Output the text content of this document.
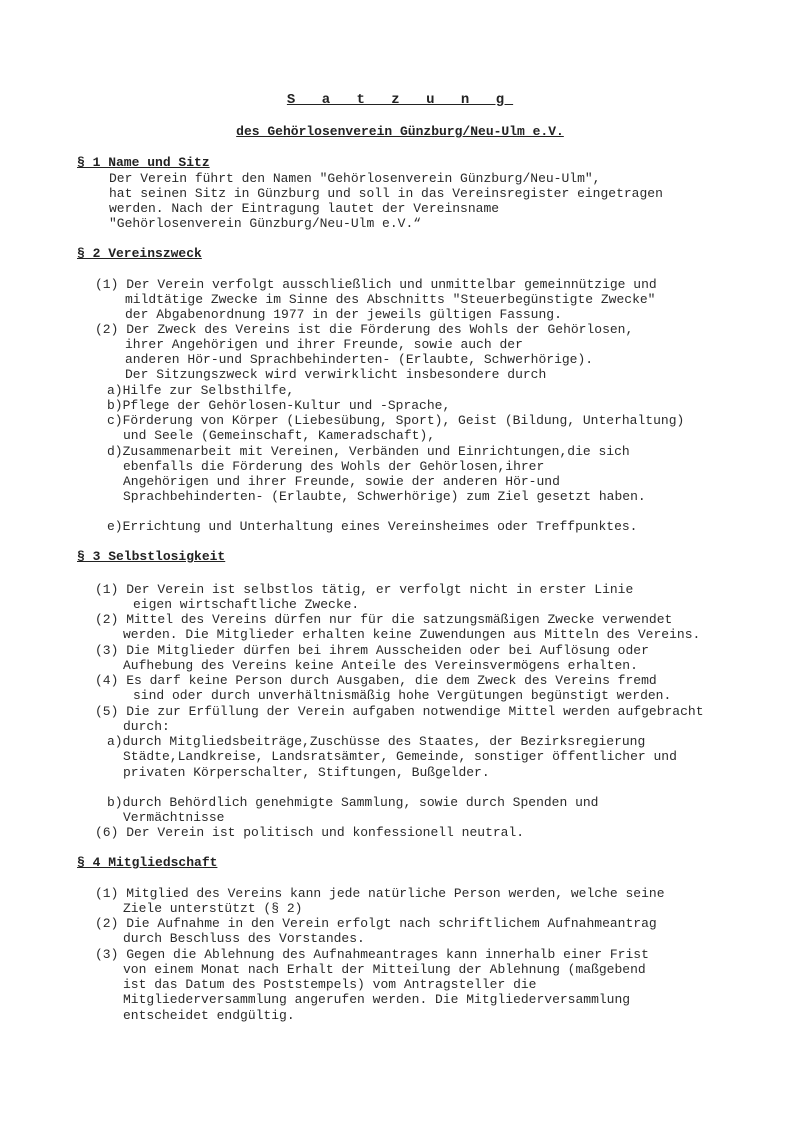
S a t z u n g
des Gehörlosenverein Günzburg/Neu-Ulm e.V.
§ 1 Name und Sitz
Der Verein führt den Namen "Gehörlosenverein Günzburg/Neu-Ulm",
hat seinen Sitz in Günzburg und soll in das Vereinsregister eingetragen
werden. Nach der Eintragung lautet der Vereinsname
"Gehörlosenverein Günzburg/Neu-Ulm e.V.“
§ 2 Vereinszweck
(1) Der Verein verfolgt ausschließlich und unmittelbar gemeinnützige und
mildtätige Zwecke im Sinne des Abschnitts "Steuerbegünstigte Zwecke"
der Abgabenordnung 1977 in der jeweils gültigen Fassung.
(2) Der Zweck des Vereins ist die Förderung des Wohls der Gehörlosen,
ihrer Angehörigen und ihrer Freunde, sowie auch der
anderen Hör-und Sprachbehinderten- (Erlaubte, Schwerhörige).
Der Sitzungszweck wird verwirklicht insbesondere durch
a)Hilfe zur Selbsthilfe,
b)Pflege der Gehörlosen-Kultur und -Sprache,
c)Förderung von Körper (Liebesübung, Sport), Geist (Bildung, Unterhaltung)
und Seele (Gemeinschaft, Kameradschaft),
d)Zusammenarbeit mit Vereinen, Verbänden und Einrichtungen,die sich
ebenfalls die Förderung des Wohls der Gehörlosen,ihrer
Angehörigen und ihrer Freunde, sowie der anderen Hör-und
Sprachbehinderten- (Erlaubte, Schwerhörige) zum Ziel gesetzt haben.
e)Errichtung und Unterhaltung eines Vereinsheimes oder Treffpunktes.
§ 3 Selbstlosigkeit
(1) Der Verein ist selbstlos tätig, er verfolgt nicht in erster Linie
eigen wirtschaftliche Zwecke.
(2) Mittel des Vereins dürfen nur für die satzungsmäßigen Zwecke verwendet
werden. Die Mitglieder erhalten keine Zuwendungen aus Mitteln des Vereins.
(3) Die Mitglieder dürfen bei ihrem Ausscheiden oder bei Auflösung oder
Aufhebung des Vereins keine Anteile des Vereinsvermögens erhalten.
(4) Es darf keine Person durch Ausgaben, die dem Zweck des Vereins fremd
sind oder durch unverhältnismäßig hohe Vergütungen begünstigt werden.
(5) Die zur Erfüllung der Verein aufgaben notwendige Mittel werden aufgebracht
durch:
a)durch Mitgliedsbeiträge,Zuschüsse des Staates, der Bezirksregierung
Städte,Landkreise, Landsratsämter, Gemeinde, sonstiger öffentlicher und
privaten Körperschalter, Stiftungen, Bußgelder.
b)durch Behördlich genehmigte Sammlung, sowie durch Spenden und
Vermächtnisse
(6) Der Verein ist politisch und konfessionell neutral.
§ 4 Mitgliedschaft
(1) Mitglied des Vereins kann jede natürliche Person werden, welche seine
Ziele unterstützt (§ 2)
(2) Die Aufnahme in den Verein erfolgt nach schriftlichem Aufnahmeantrag
durch Beschluss des Vorstandes.
(3) Gegen die Ablehnung des Aufnahmeantrages kann innerhalb einer Frist
von einem Monat nach Erhalt der Mitteilung der Ablehnung (maßgebend
ist das Datum des Poststempels) vom Antragsteller die
Mitgliederversammlung angerufen werden. Die Mitgliederversammlung
entscheidet endgültig.
